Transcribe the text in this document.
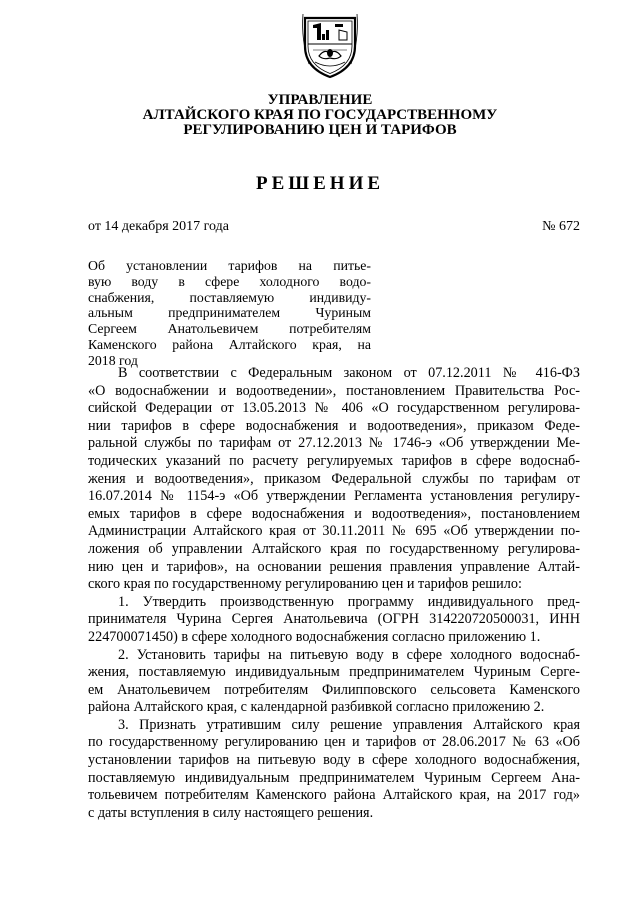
УПРАВЛЕНИЕ
АЛТАЙСКОГО КРАЯ ПО ГОСУДАРСТВЕННОМУ
РЕГУЛИРОВАНИЮ ЦЕН И ТАРИФОВ
РЕШЕНИЕ
от 14 декабря 2017 года	№ 672
Об установлении тарифов на питье-
вую воду в сфере холодного водо-
снабжения, поставляемую индивиду-
альным предпринимателем Чуриным
Сергеем Анатольевичем потребителям
Каменского района Алтайского края, на
2018 год
В соответствии с Федеральным законом от 07.12.2011 № 416-ФЗ
«О водоснабжении и водоотведении», постановлением Правительства Рос-
сийской Федерации от 13.05.2013 № 406 «О государственном регулирова-
нии тарифов в сфере водоснабжения и водоотведения», приказом Феде-
ральной службы по тарифам от 27.12.2013 № 1746-э «Об утверждении Ме-
тодических указаний по расчету регулируемых тарифов в сфере водоснаб-
жения и водоотведения», приказом Федеральной службы по тарифам от
16.07.2014 № 1154-э «Об утверждении Регламента установления регулиру-
емых тарифов в сфере водоснабжения и водоотведения», постановлением
Администрации Алтайского края от 30.11.2011 № 695 «Об утверждении по-
ложения об управлении Алтайского края по государственному регулирова-
нию цен и тарифов», на основании решения правления управление Алтай-
ского края по государственному регулированию цен и тарифов решило:
1. Утвердить производственную программу индивидуального пред-
принимателя Чурина Сергея Анатольевича (ОГРН 314220720500031, ИНН
224700071450) в сфере холодного водоснабжения согласно приложению 1.
2. Установить тарифы на питьевую воду в сфере холодного водоснаб-
жения, поставляемую индивидуальным предпринимателем Чуриным Серге-
ем Анатольевичем потребителям Филипповского сельсовета Каменского
района Алтайского края, с календарной разбивкой согласно приложению 2.
3. Признать утратившим силу решение управления Алтайского края
по государственному регулированию цен и тарифов от 28.06.2017 № 63 «Об
установлении тарифов на питьевую воду в сфере холодного водоснабжения,
поставляемую индивидуальным предпринимателем Чуриным Сергеем Ана-
тольевичем потребителям Каменского района Алтайского края, на 2017 год»
с даты вступления в силу настоящего решения.
